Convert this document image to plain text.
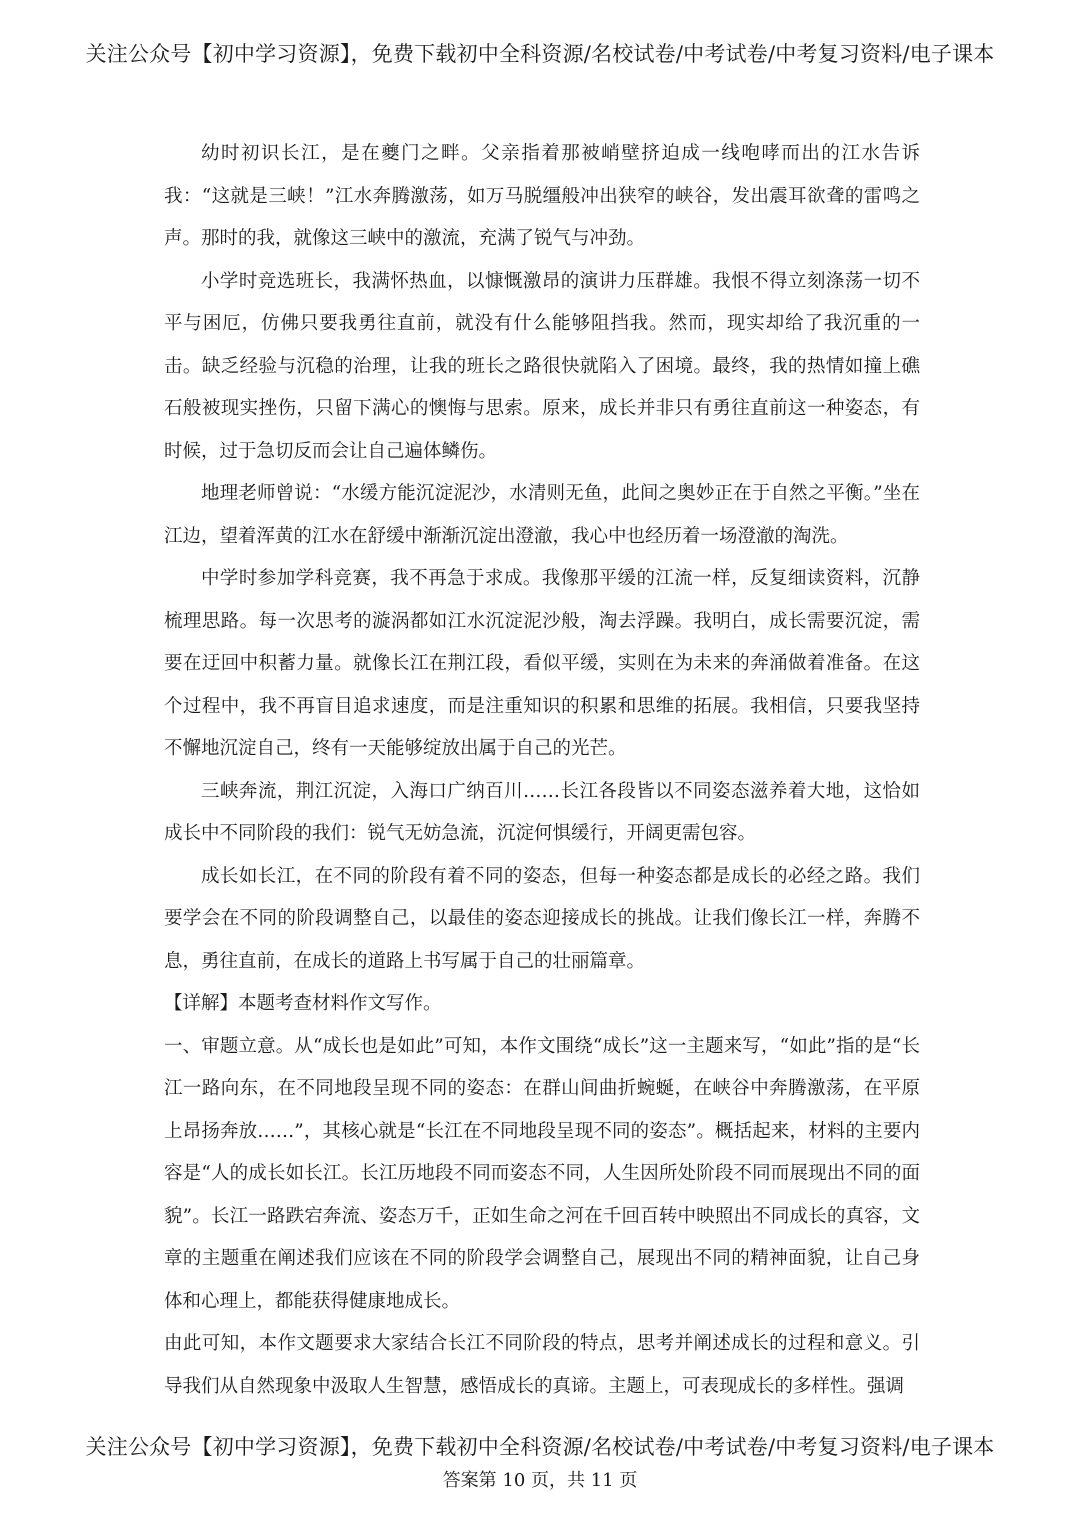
关注公众号【初中学习资源】，免费下载初中全科资源/名校试卷/中考试卷/中考复习资料/电子课本

幼时初识长江，是在夔门之畔。父亲指着那被峭壁挤迫成一线咆哮而出的江水告诉我：“这就是三峡！”江水奔腾激荡，如万马脱缰般冲出狭窄的峡谷，发出震耳欲聋的雷鸣之声。那时的我，就像这三峡中的激流，充满了锐气与冲劲。

小学时竞选班长，我满怀热血，以慷慨激昂的演讲力压群雄。我恨不得立刻涤荡一切不平与困厄，仿佛只要我勇往直前，就没有什么能够阻挡我。然而，现实却给了我沉重的一击。缺乏经验与沉稳的治理，让我的班长之路很快就陷入了困境。最终，我的热情如撞上礁石般被现实挫伤，只留下满心的懊悔与思索。原来，成长并非只有勇往直前这一种姿态，有时候，过于急切反而会让自己遍体鳞伤。

地理老师曾说：“水缓方能沉淀泥沙，水清则无鱼，此间之奥妙正在于自然之平衡。”坐在江边，望着浑黄的江水在舒缓中渐渐沉淀出澄澈，我心中也经历着一场澄澈的淘洗。

中学时参加学科竞赛，我不再急于求成。我像那平缓的江流一样，反复细读资料，沉静梳理思路。每一次思考的漩涡都如江水沉淀泥沙般，淘去浮躁。我明白，成长需要沉淀，需要在迂回中积蓄力量。就像长江在荆江段，看似平缓，实则在为未来的奔涌做着准备。在这个过程中，我不再盲目追求速度，而是注重知识的积累和思维的拓展。我相信，只要我坚持不懈地沉淀自己，终有一天能够绽放出属于自己的光芒。

三峡奔流，荆江沉淀，入海口广纳百川……长江各段皆以不同姿态滋养着大地，这恰如成长中不同阶段的我们：锐气无妨急流，沉淀何惧缓行，开阔更需包容。

成长如长江，在不同的阶段有着不同的姿态，但每一种姿态都是成长的必经之路。我们要学会在不同的阶段调整自己，以最佳的姿态迎接成长的挑战。让我们像长江一样，奔腾不息，勇往直前，在成长的道路上书写属于自己的壮丽篇章。

【详解】本题考查材料作文写作。

一、审题立意。从“成长也是如此”可知，本作文围绕“成长”这一主题来写，“如此”指的是“长江一路向东，在不同地段呈现不同的姿态：在群山间曲折蜿蜒，在峡谷中奔腾激荡，在平原上昂扬奔放……”，其核心就是“长江在不同地段呈现不同的姿态”。概括起来，材料的主要内容是“人的成长如长江。长江历地段不同而姿态不同，人生因所处阶段不同而展现出不同的面貌”。长江一路跌宕奔流、姿态万千，正如生命之河在千回百转中映照出不同成长的真容，文章的主题重在阐述我们应该在不同的阶段学会调整自己，展现出不同的精神面貌，让自己身体和心理上，都能获得健康地成长。

由此可知，本作文题要求大家结合长江不同阶段的特点，思考并阐述成长的过程和意义。引导我们从自然现象中汲取人生智慧，感悟成长的真谛。主题上，可表现成长的多样性。强调

关注公众号【初中学习资源】，免费下载初中全科资源/名校试卷/中考试卷/中考复习资料/电子课本
答案第 10 页，共 11 页
